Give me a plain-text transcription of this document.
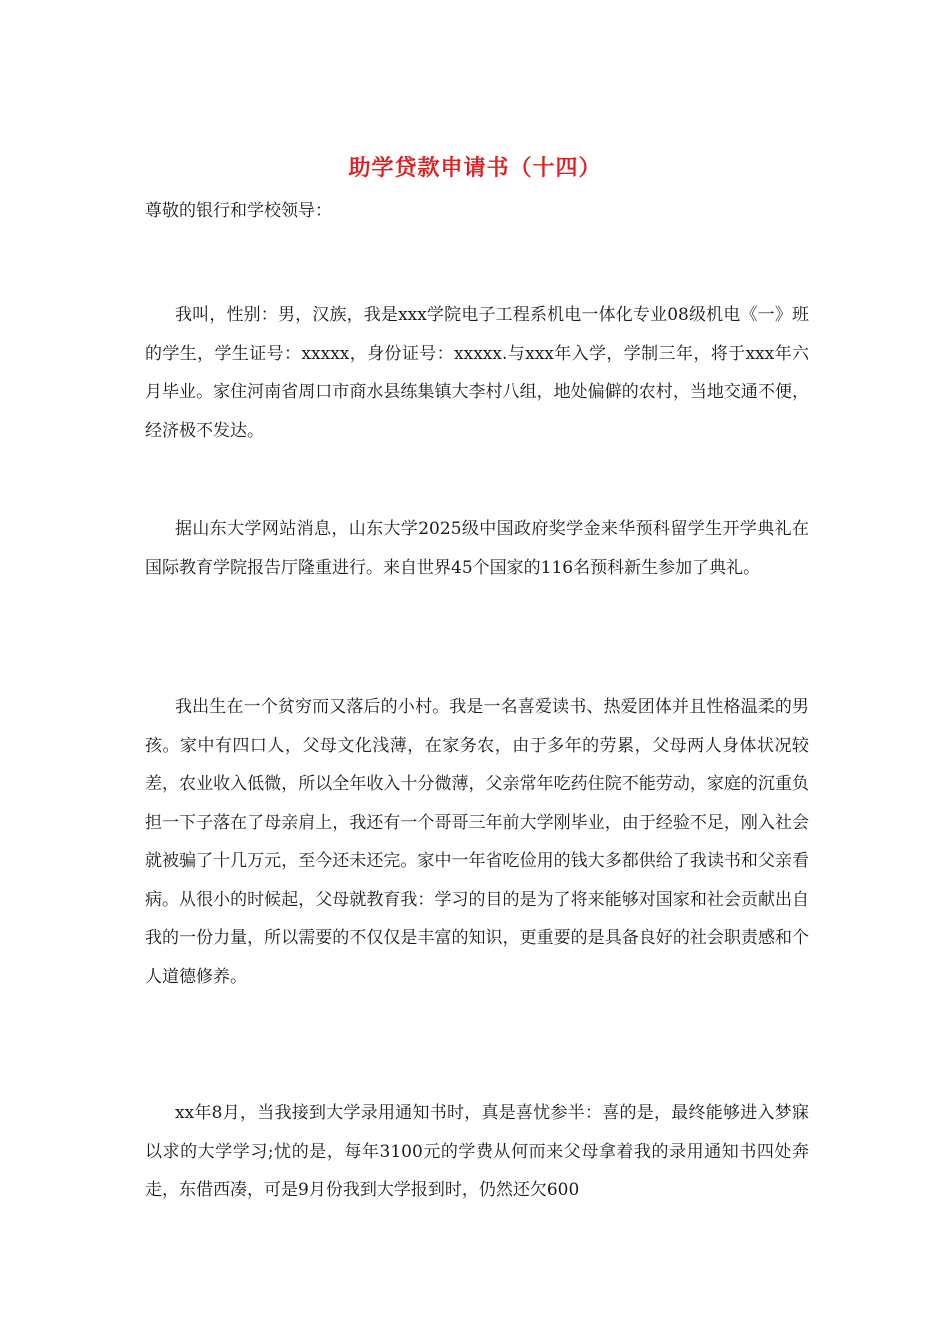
助学贷款申请书（十四）
尊敬的银行和学校领导：

我叫，性别：男，汉族，我是xxx学院电子工程系机电一体化专业08级机电《一》班的学生，学生证号：xxxxx，身份证号：xxxxx.与xxx年入学，学制三年，将于xxx年六月毕业。家住河南省周口市商水县练集镇大李村八组，地处偏僻的农村，当地交通不便，经济极不发达。

据山东大学网站消息，山东大学2025级中国政府奖学金来华预科留学生开学典礼在国际教育学院报告厅隆重进行。来自世界45个国家的116名预科新生参加了典礼。

我出生在一个贫穷而又落后的小村。我是一名喜爱读书、热爱团体并且性格温柔的男孩。家中有四口人，父母文化浅薄，在家务农，由于多年的劳累，父母两人身体状况较差，农业收入低微，所以全年收入十分微薄，父亲常年吃药住院不能劳动，家庭的沉重负担一下子落在了母亲肩上，我还有一个哥哥三年前大学刚毕业，由于经验不足，刚入社会就被骗了十几万元，至今还未还完。家中一年省吃俭用的钱大多都供给了我读书和父亲看病。从很小的时候起，父母就教育我：学习的目的是为了将来能够对国家和社会贡献出自我的一份力量，所以需要的不仅仅是丰富的知识，更重要的是具备良好的社会职责感和个人道德修养。

xx年8月，当我接到大学录用通知书时，真是喜忧参半：喜的是，最终能够进入梦寐以求的大学学习;忧的是，每年3100元的学费从何而来父母拿着我的录用通知书四处奔走，东借西凑，可是9月份我到大学报到时，仍然还欠600
